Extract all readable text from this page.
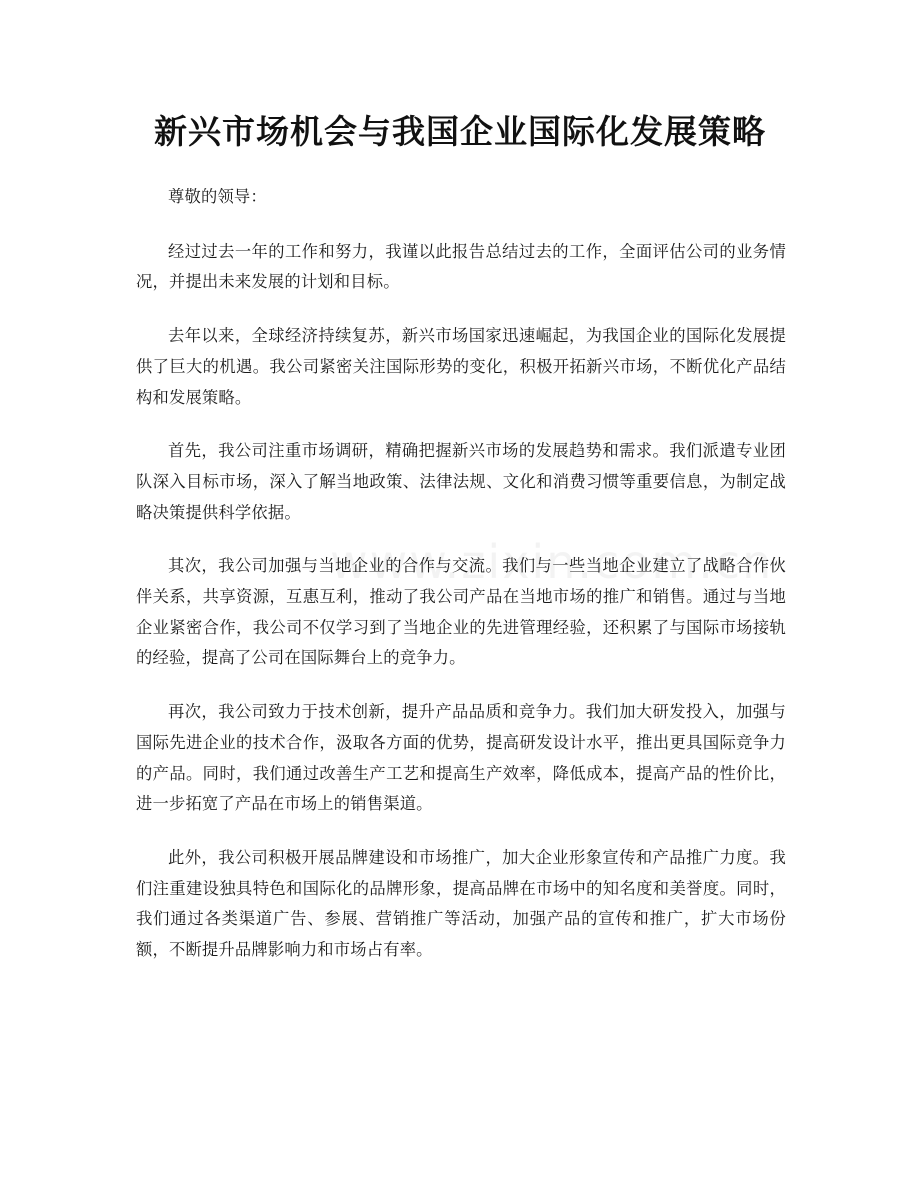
新兴市场机会与我国企业国际化发展策略

尊敬的领导：

经过过去一年的工作和努力，我谨以此报告总结过去的工作，全面评估公司的业务情况，并提出未来发展的计划和目标。

去年以来，全球经济持续复苏，新兴市场国家迅速崛起，为我国企业的国际化发展提供了巨大的机遇。我公司紧密关注国际形势的变化，积极开拓新兴市场，不断优化产品结构和发展策略。

首先，我公司注重市场调研，精确把握新兴市场的发展趋势和需求。我们派遣专业团队深入目标市场，深入了解当地政策、法律法规、文化和消费习惯等重要信息，为制定战略决策提供科学依据。

其次，我公司加强与当地企业的合作与交流。我们与一些当地企业建立了战略合作伙伴关系，共享资源，互惠互利，推动了我公司产品在当地市场的推广和销售。通过与当地企业紧密合作，我公司不仅学习到了当地企业的先进管理经验，还积累了与国际市场接轨的经验，提高了公司在国际舞台上的竞争力。

再次，我公司致力于技术创新，提升产品品质和竞争力。我们加大研发投入，加强与国际先进企业的技术合作，汲取各方面的优势，提高研发设计水平，推出更具国际竞争力的产品。同时，我们通过改善生产工艺和提高生产效率，降低成本，提高产品的性价比，进一步拓宽了产品在市场上的销售渠道。

此外，我公司积极开展品牌建设和市场推广，加大企业形象宣传和产品推广力度。我们注重建设独具特色和国际化的品牌形象，提高品牌在市场中的知名度和美誉度。同时，我们通过各类渠道广告、参展、营销推广等活动，加强产品的宣传和推广，扩大市场份额，不断提升品牌影响力和市场占有率。
